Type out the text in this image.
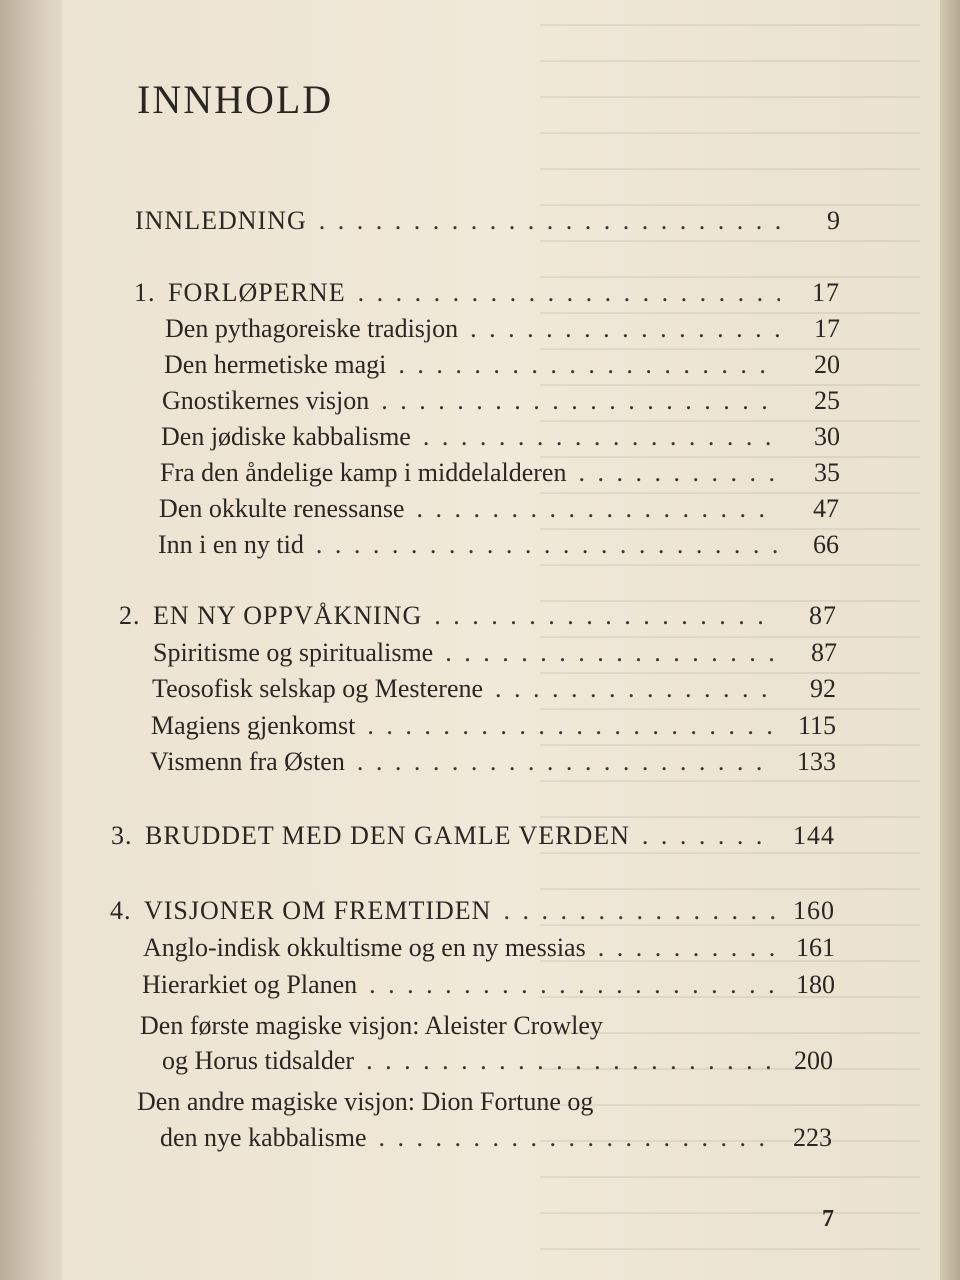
INNHOLD
INNLEDNING . . .	9
1. FORLØPERNE . . .	17
Den pythagoreiske tradisjon . . .	17
Den hermetiske magi . . .	20
Gnostikernes visjon . . .	25
Den jødiske kabbalisme . . .	30
Fra den åndelige kamp i middelalderen . . .	35
Den okkulte renessanse . . .	47
Inn i en ny tid . . .	66
2. EN NY OPPVÅKNING . . .	87
Spiritisme og spiritualisme . . .	87
Teosofisk selskap og Mesterene . . .	92
Magiens gjenkomst . . .	115
Vismenn fra Østen . . .	133
3. BRUDDET MED DEN GAMLE VERDEN . . .	144
4. VISJONER OM FREMTIDEN . . .	160
Anglo-indisk okkultisme og en ny messias . . .	161
Hierarkiet og Planen . . .	180
Den første magiske visjon: Aleister Crowley
og Horus tidsalder . . .	200
Den andre magiske visjon: Dion Fortune og
den nye kabbalisme . . .	223
7
